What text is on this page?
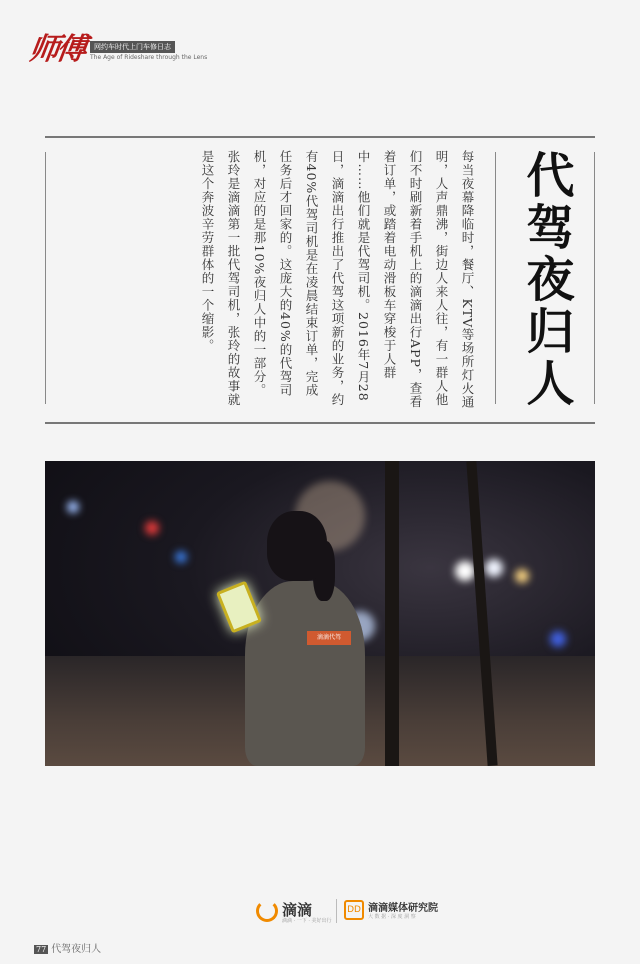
师傅	网约车时代上门车修日志
The Age of Rideshare through the Lens
代驾夜归人

每当夜幕降临时，餐厅、KTV等场所灯火通明，人声鼎沸，街边人来人往，有一群人他们不时刷新着手机上的滴滴出行APP，查看着订单，或踏着电动滑板车穿梭于人群中……他们就是代驾司机。2016年7月28日，滴滴出行推出了代驾这项新的业务，约有40%代驾司机是在凌晨结束订单，完成任务后才回家的。这庞大的40%的代驾司机，对应的是那10%夜归人中的一部分。张玲是滴滴第一批代驾司机，张玲的故事就是这个奔波辛劳群体的一个缩影。

滴滴代驾
滴滴
滴滴 · 一下 · 美好出行
DD 滴滴媒体研究院
大 数 据 · 深 度 洞 察
77 代驾夜归人
